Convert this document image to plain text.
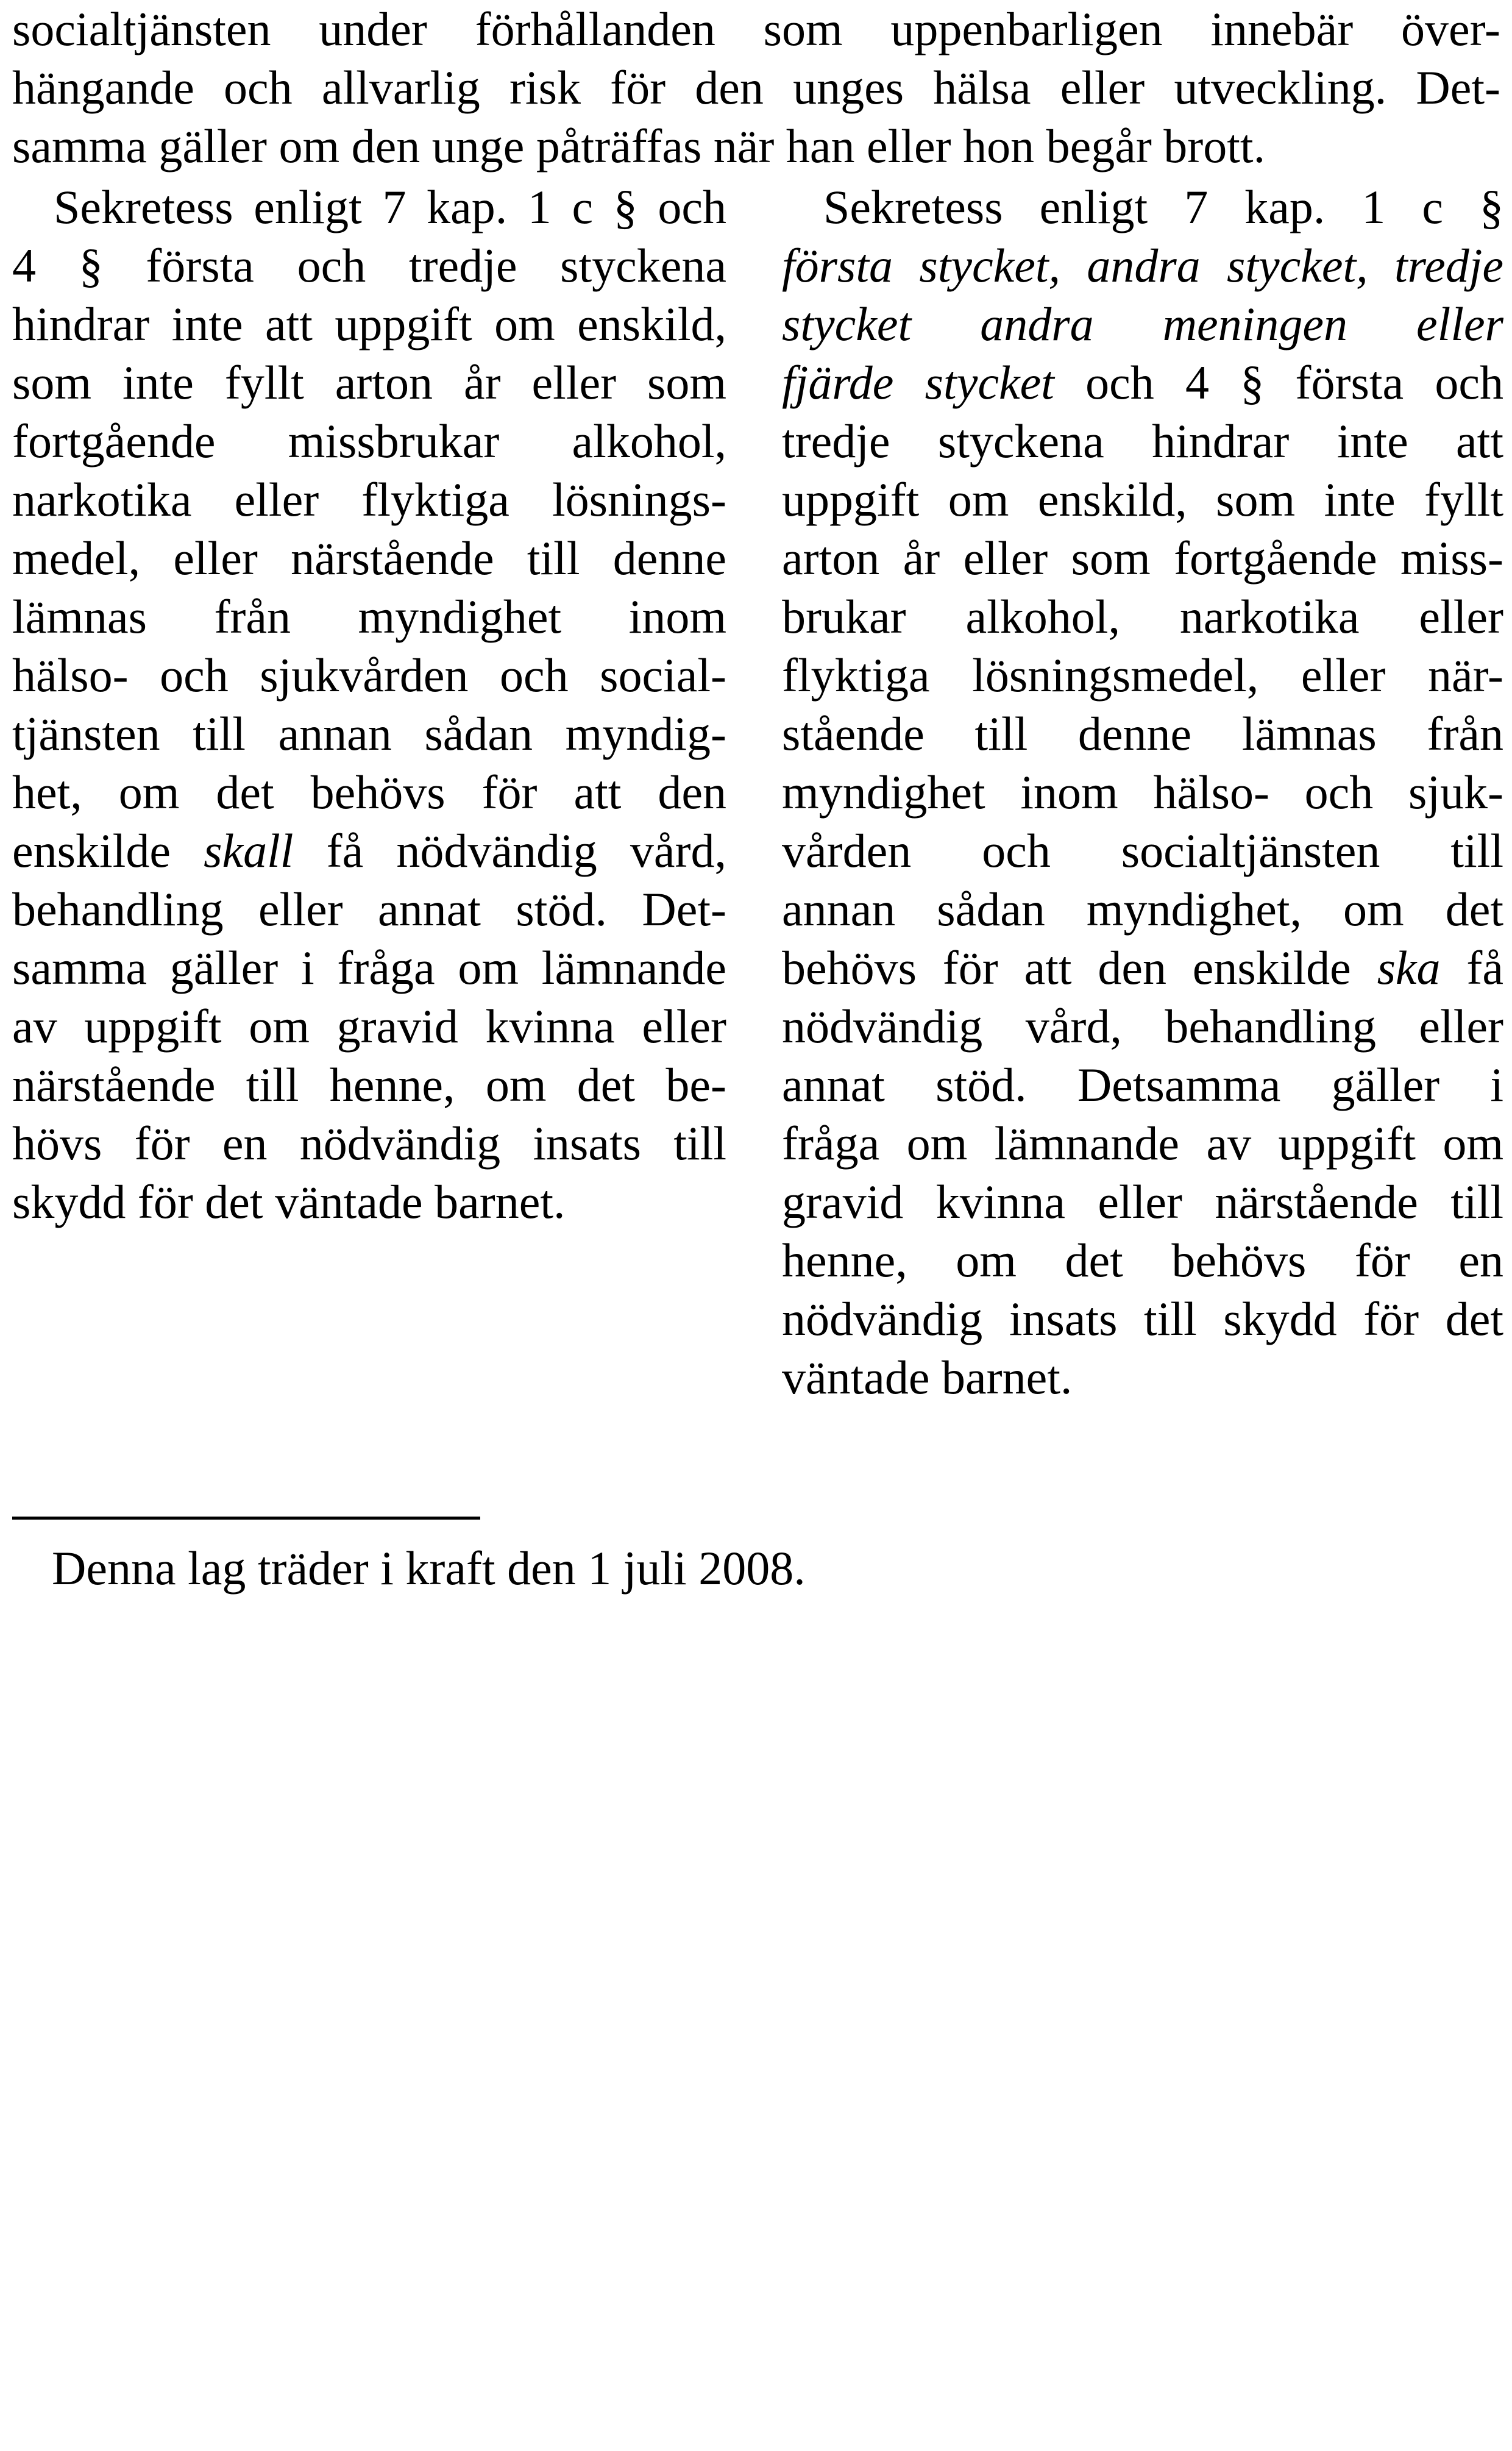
socialtjänsten under förhållanden som uppenbarligen innebär över-
hängande och allvarlig risk för den unges hälsa eller utveckling. Det-
samma gäller om den unge påträffas när han eller hon begår brott.
Sekretess enligt 7 kap. 1 c § och
4 § första och tredje styckena
hindrar inte att uppgift om enskild,
som inte fyllt arton år eller som
fortgående missbrukar alkohol,
narkotika eller flyktiga lösnings-
medel, eller närstående till denne
lämnas från myndighet inom
hälso- och sjukvården och social-
tjänsten till annan sådan myndig-
het, om det behövs för att den
enskilde skall få nödvändig vård,
behandling eller annat stöd. Det-
samma gäller i fråga om lämnande
av uppgift om gravid kvinna eller
närstående till henne, om det be-
hövs för en nödvändig insats till
skydd för det väntade barnet.
Sekretess enligt 7 kap. 1 c §
första stycket, andra stycket, tredje
stycket andra meningen eller
fjärde stycket och 4 § första och
tredje styckena hindrar inte att
uppgift om enskild, som inte fyllt
arton år eller som fortgående miss-
brukar alkohol, narkotika eller
flyktiga lösningsmedel, eller när-
stående till denne lämnas från
myndighet inom hälso- och sjuk-
vården och socialtjänsten till
annan sådan myndighet, om det
behövs för att den enskilde ska få
nödvändig vård, behandling eller
annat stöd. Detsamma gäller i
fråga om lämnande av uppgift om
gravid kvinna eller närstående till
henne, om det behövs för en
nödvändig insats till skydd för det
väntade barnet.
Denna lag träder i kraft den 1 juli 2008.
